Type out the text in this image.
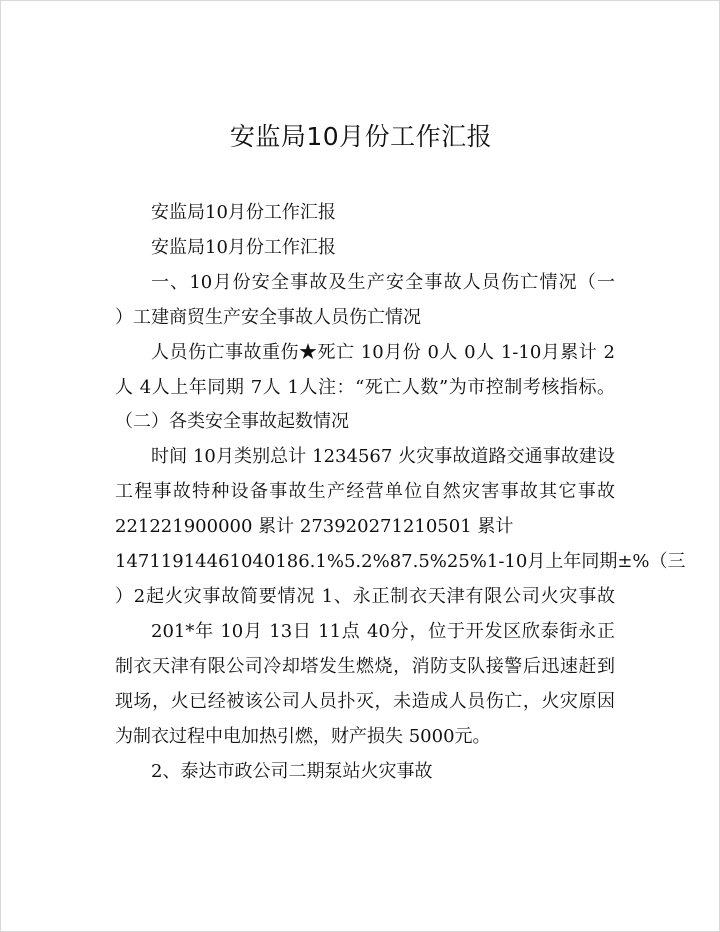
安监局10月份工作汇报
安监局10月份工作汇报
安监局10月份工作汇报
一、10月份安全事故及生产安全事故人员伤亡情况（一
）工建商贸生产安全事故人员伤亡情况
人员伤亡事故重伤★死亡 10月份 0人 0人 1-10月累计 2
人 4人上年同期 7人 1人注：“死亡人数”为市控制考核指标。
（二）各类安全事故起数情况
时间 10月类别总计 1234567 火灾事故道路交通事故建设
工程事故特种设备事故生产经营单位自然灾害事故其它事故
221221900000 累计 273920271210501 累计
14711914461040186.1%5.2%87.5%25%1-10月上年同期±%（三
）2起火灾事故简要情况 1、永正制衣天津有限公司火灾事故
201*年 10月 13日 11点 40分，位于开发区欣泰街永正
制衣天津有限公司冷却塔发生燃烧，消防支队接警后迅速赶到
现场，火已经被该公司人员扑灭，未造成人员伤亡，火灾原因
为制衣过程中电加热引燃，财产损失 5000元。
2、泰达市政公司二期泵站火灾事故
